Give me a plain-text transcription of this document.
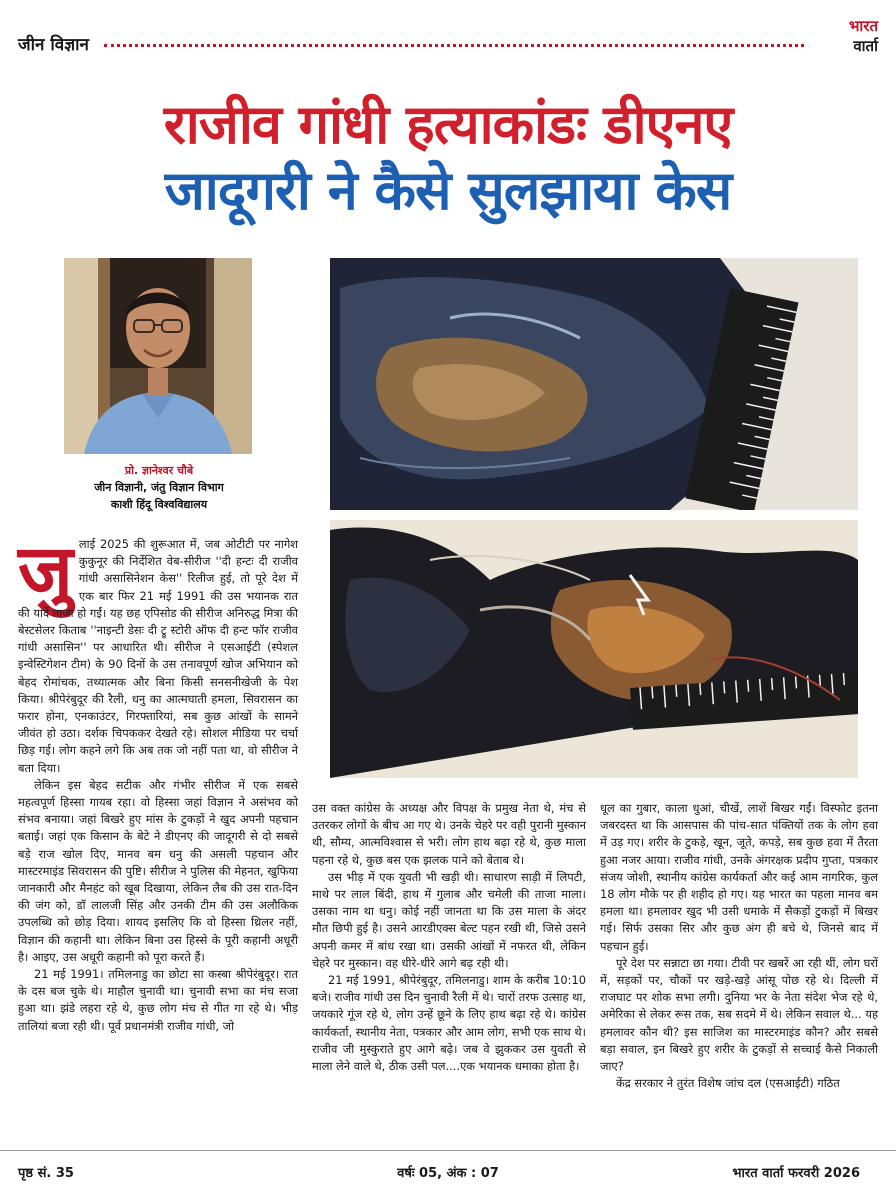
जीन विज्ञान
भारत
वार्ता
राजीव गांधी हत्याकांडः डीएनए
जादूगरी ने कैसे सुलझाया केस
प्रो. ज्ञानेश्वर चौबे
जीन विज्ञानी, जंतु विज्ञान विभाग
काशी हिंदू विश्वविद्यालय
जु लाई 2025 की शुरूआत में, जब ओटीटी पर नागेश कुकुनूर की निर्देशित वेब-सीरीज ''दी हन्टः दी राजीव गांधी असासिनेशन केस'' रिलीज हुई, तो पूरे देश में एक बार फिर 21 मई 1991 की उस भयानक रात की यादें ताजा हो गईं। यह छह एपिसोड की सीरीज अनिरुद्ध मित्रा की बेस्टसेलर किताब ''नाइन्टी डेसः दी ट्रू स्टोरी ऑफ दी हन्ट फॉर राजीव गांधी असासिन'' पर आधारित थी। सीरीज ने एसआईटी (स्पेशल इन्वेस्टिगेशन टीम) के 90 दिनों के उस तनावपूर्ण खोज अभियान को बेहद रोमांचक, तथ्यात्मक और बिना किसी सनसनीखेजी के पेश किया। श्रीपेरंबुदूर की रैली, धनु का आत्मघाती हमला, सिवरासन का फरार होना, एनकाउंटर, गिरफ्तारियां, सब कुछ आंखों के सामने जीवंत हो उठा। दर्शक चिपककर देखते रहे। सोशल मीडिया पर चर्चा छिड़ गई। लोग कहने लगे कि अब तक जो नहीं पता था, वो सीरीज ने बता दिया।

लेकिन इस बेहद सटीक और गंभीर सीरीज में एक सबसे महत्वपूर्ण हिस्सा गायब रहा। वो हिस्सा जहां विज्ञान ने असंभव को संभव बनाया। जहां बिखरे हुए मांस के टुकड़ों ने खुद अपनी पहचान बताई। जहां एक किसान के बेटे ने डीएनए की जादूगरी से दो सबसे बड़े राज खोल दिए, मानव बम धनु की असली पहचान और मास्टरमाइंड सिवरासन की पुष्टि। सीरीज ने पुलिस की मेहनत, खुफिया जानकारी और मैनहंट को खूब दिखाया, लेकिन लैब की उस रात-दिन की जंग को, डॉ लालजी सिंह और उनकी टीम की उस अलौकिक उपलब्धि को छोड़ दिया। शायद इसलिए कि वो हिस्सा थ्रिलर नहीं, विज्ञान की कहानी था। लेकिन बिना उस हिस्से के पूरी कहानी अधूरी है। आइए, उस अधूरी कहानी को पूरा करते हैं।

21 मई 1991। तमिलनाडु का छोटा सा कस्बा श्रीपेरंबुदूर। रात के दस बज चुके थे। माहौल चुनावी था। चुनावी सभा का मंच सजा हुआ था। झंडे लहरा रहे थे, कुछ लोग मंच से गीत गा रहे थे। भीड़ तालियां बजा रही थी। पूर्व प्रधानमंत्री राजीव गांधी, जो

उस वक्त कांग्रेस के अध्यक्ष और विपक्ष के प्रमुख नेता थे, मंच से उतरकर लोगों के बीच आ गए थे। उनके चेहरे पर वही पुरानी मुस्कान थी, सौम्य, आत्मविश्वास से भरी। लोग हाथ बढ़ा रहे थे, कुछ माला पहना रहे थे, कुछ बस एक झलक पाने को बेताब थे।

उस भीड़ में एक युवती भी खड़ी थी। साधारण साड़ी में लिपटी, माथे पर लाल बिंदी, हाथ में गुलाब और चमेली की ताजा माला। उसका नाम था धनु। कोई नहीं जानता था कि उस माला के अंदर मौत छिपी हुई है। उसने आरडीएक्स बेल्ट पहन रखी थी, जिसे उसने अपनी कमर में बांध रखा था। उसकी आंखों में नफरत थी, लेकिन चेहरे पर मुस्कान। वह धीरे-धीरे आगे बढ़ रही थी।

21 मई 1991, श्रीपेरंबुदूर, तमिलनाडु। शाम के करीब 10:10 बजे। राजीव गांधी उस दिन चुनावी रैली में थे। चारों तरफ उत्साह था, जयकारे गूंज रहे थे, लोग उन्हें छूने के लिए हाथ बढ़ा रहे थे। कांग्रेस कार्यकर्ता, स्थानीय नेता, पत्रकार और आम लोग, सभी एक साथ थे। राजीव जी मुस्कुराते हुए आगे बढ़े। जब वे झुककर उस युवती से माला लेने वाले थे, ठीक उसी पल....एक भयानक धमाका होता है।

धूल का गुबार, काला धुआं, चीखें, लाशें बिखर गईं। विस्फोट इतना जबरदस्त था कि आसपास की पांच-सात पंक्तियों तक के लोग हवा में उड़ गए। शरीर के टुकड़े, खून, जूते, कपड़े, सब कुछ हवा में तैरता हुआ नजर आया। राजीव गांधी, उनके अंगरक्षक प्रदीप गुप्ता, पत्रकार संजय जोशी, स्थानीय कांग्रेस कार्यकर्ता और कई आम नागरिक, कुल 18 लोग मौके पर ही शहीद हो गए। यह भारत का पहला मानव बम हमला था। हमलावर खुद भी उसी धमाके में सैकड़ों टुकड़ों में बिखर गई। सिर्फ उसका सिर और कुछ अंग ही बचे थे, जिनसे बाद में पहचान हुई।

पूरे देश पर सन्नाटा छा गया। टीवी पर खबरें आ रही थीं, लोग घरों में, सड़कों पर, चौकों पर खड़े-खड़े आंसू पोछ रहे थे। दिल्ली में राजघाट पर शोक सभा लगी। दुनिया भर के नेता संदेश भेज रहे थे, अमेरिका से लेकर रूस तक, सब सदमे में थे। लेकिन सवाल थे... यह हमलावर कौन थी? इस साजिश का मास्टरमाइंड कौन? और सबसे बड़ा सवाल, इन बिखरे हुए शरीर के टुकड़ों से सच्चाई कैसे निकाली जाए?

केंद्र सरकार ने तुरंत विशेष जांच दल (एसआईटी) गठित

पृष्ठ सं. 35	वर्षः 05, अंक : 07	भारत वार्ता फरवरी 2026
